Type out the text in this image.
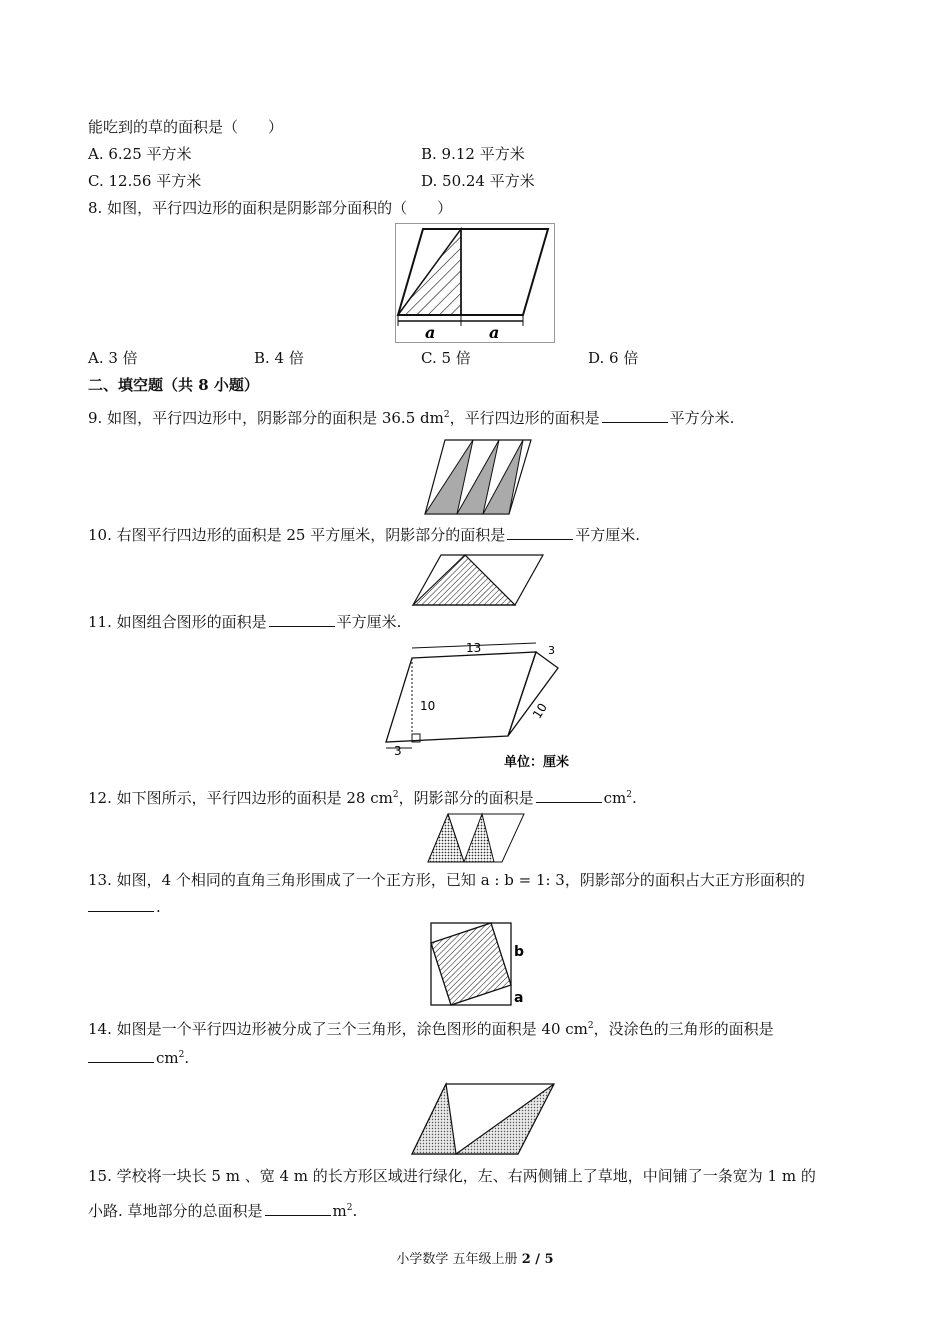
能吃到的草的面积是（　　）
A. 6.25 平方米	B. 9.12 平方米
C. 12.56 平方米	D. 50.24 平方米
8. 如图，平行四边形的面积是阴影部分面积的（　　）
a	a
A. 3 倍	B. 4 倍	C. 5 倍	D. 6 倍
二、填空题（共 8 小题）
9. 如图，平行四边形中，阴影部分的面积是 36.5 $dm^2$，平行四边形的面积是	平方分米.
10. 右图平行四边形的面积是 25 平方厘米，阴影部分的面积是	平方厘米.
11. 如图组合图形的面积是	平方厘米.
13
10
3
10
3
单位：厘米
12. 如下图所示，平行四边形的面积是 28 $cm^2$，阴影部分的面积是	$cm^2$.
13. 如图，4 个相同的直角三角形围成了一个正方形，已知 a : b = 1: 3，阴影部分的面积占大正方形面积的
.
b
a
14. 如图是一个平行四边形被分成了三个三角形，涂色图形的面积是 40 $cm^2$，没涂色的三角形的面积是
$cm^2$.
15. 学校将一块长 5 m 、宽 4 m 的长方形区域进行绿化，左、右两侧铺上了草地，中间铺了一条宽为 1 m 的
小路. 草地部分的总面积是	$m^2$.
小学数学 五年级上册 2 / 5
